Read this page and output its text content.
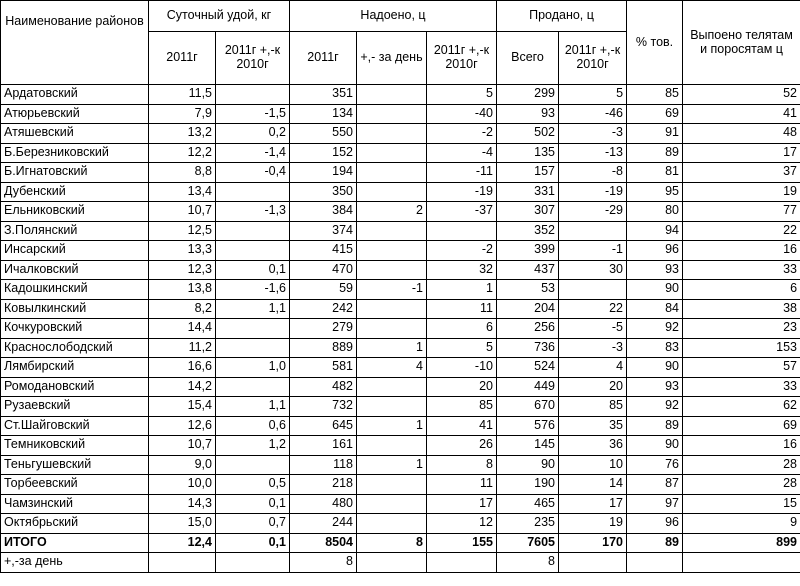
Наименование районов	Суточный удой, кг		Надоено, ц			Продано, ц		% тов.	Выпоено телятам и поросятам ц
	2011г	2011г +,-к 2010г	2011г	+,- за день	2011г +,-к 2010г	Всего	2011г +,-к 2010г		
Ардатовский	11,5		351		5	299	5	85	52
Атюрьевский	7,9	-1,5	134		-40	93	-46	69	41
Атяшевский	13,2	0,2	550		-2	502	-3	91	48
Б.Березниковский	12,2	-1,4	152		-4	135	-13	89	17
Б.Игнатовский	8,8	-0,4	194		-11	157	-8	81	37
Дубенский	13,4		350		-19	331	-19	95	19
Ельниковский	10,7	-1,3	384	2	-37	307	-29	80	77
З.Полянский	12,5		374			352		94	22
Инсарский	13,3		415		-2	399	-1	96	16
Ичалковский	12,3	0,1	470		32	437	30	93	33
Кадошкинский	13,8	-1,6	59	-1	1	53		90	6
Ковылкинский	8,2	1,1	242		11	204	22	84	38
Кочкуровский	14,4		279		6	256	-5	92	23
Краснослободский	11,2		889	1	5	736	-3	83	153
Лямбирский	16,6	1,0	581	4	-10	524	4	90	57
Ромодановский	14,2		482		20	449	20	93	33
Рузаевский	15,4	1,1	732		85	670	85	92	62
Ст.Шайговский	12,6	0,6	645	1	41	576	35	89	69
Темниковский	10,7	1,2	161		26	145	36	90	16
Теньгушевский	9,0		118	1	8	90	10	76	28
Торбеевский	10,0	0,5	218		11	190	14	87	28
Чамзинский	14,3	0,1	480		17	465	17	97	15
Октябрьский	15,0	0,7	244		12	235	19	96	9
ИТОГО	12,4	0,1	8504	8	155	7605	170	89	899
+,-за день			8			8			
